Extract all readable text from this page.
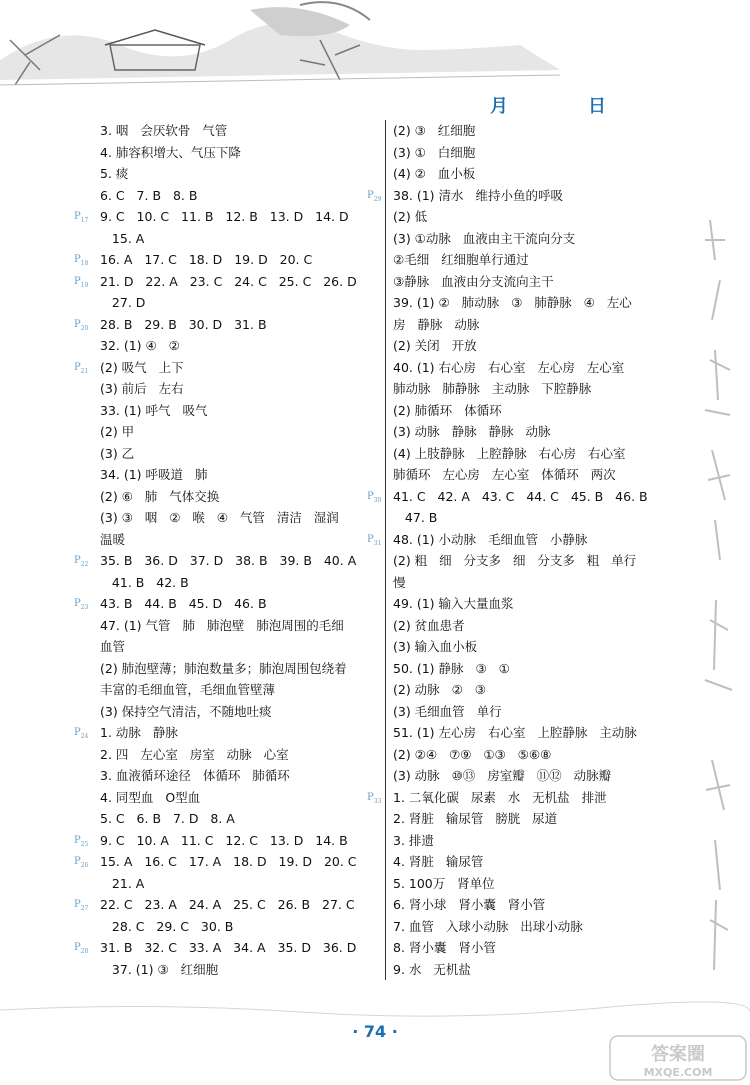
月	日
3. 咽   会厌软骨   气管
4. 肺容积增大、气压下降
5. 痰
6. C   7. B   8. B
$P_{17}$ 9. C   10. C   11. B   12. B   13. D   14. D
15. A
$P_{18}$ 16. A   17. C   18. D   19. D   20. C
$P_{19}$ 21. D   22. A   23. C   24. C   25. C   26. D
27. D
$P_{20}$ 28. B   29. B   30. D   31. B
32. (1) ④   ②
$P_{21}$ (2) 吸气   上下
(3) 前后   左右
33. (1) 呼气   吸气
(2) 甲
(3) 乙
34. (1) 呼吸道   肺
(2) ⑥   肺   气体交换
(3) ③   咽   ②   喉   ④   气管   清洁   湿润
温暖
$P_{22}$ 35. B   36. D   37. D   38. B   39. B   40. A
41. B   42. B
$P_{23}$ 43. B   44. B   45. D   46. B
47. (1) 气管   肺   肺泡壁   肺泡周围的毛细
血管
(2) 肺泡壁薄；肺泡数量多；肺泡周围包绕着
丰富的毛细血管，毛细血管壁薄
(3) 保持空气清洁，不随地吐痰
$P_{24}$ 1. 动脉   静脉
2. 四   左心室   房室   动脉   心室
3. 血液循环途径   体循环   肺循环
4. 同型血   O型血
5. C   6. B   7. D   8. A
$P_{25}$ 9. C   10. A   11. C   12. C   13. D   14. B
$P_{26}$ 15. A   16. C   17. A   18. D   19. D   20. C
21. A
$P_{27}$ 22. C   23. A   24. A   25. C   26. B   27. C
28. C   29. C   30. B
$P_{28}$ 31. B   32. C   33. A   34. A   35. D   36. D
37. (1) ③   红细胞
(2) ③   红细胞
(3) ①   白细胞
(4) ②   血小板
$P_{29}$ 38. (1) 清水   维持小鱼的呼吸
(2) 低
(3) ①动脉   血液由主干流向分支
②毛细   红细胞单行通过
③静脉   血液由分支流向主干
39. (1) ②   肺动脉   ③   肺静脉   ④   左心
房   静脉   动脉
(2) 关闭   开放
40. (1) 右心房   右心室   左心房   左心室
肺动脉   肺静脉   主动脉   下腔静脉
(2) 肺循环   体循环
(3) 动脉   静脉   静脉   动脉
(4) 上肢静脉   上腔静脉   右心房   右心室
肺循环   左心房   左心室   体循环   两次
$P_{30}$ 41. C   42. A   43. C   44. C   45. B   46. B
47. B
$P_{31}$ 48. (1) 小动脉   毛细血管   小静脉
(2) 粗   细   分支多   细   分支多   粗   单行
慢
49. (1) 输入大量血浆
(2) 贫血患者
(3) 输入血小板
50. (1) 静脉   ③   ①
(2) 动脉   ②   ③
(3) 毛细血管   单行
51. (1) 左心房   右心室   上腔静脉   主动脉
(2) ②④   ⑦⑨   ①③   ⑤⑥⑧
(3) 动脉   ⑩⑬   房室瓣   ⑪⑫   动脉瓣
$P_{33}$ 1. 二氧化碳   尿素   水   无机盐   排泄
2. 肾脏   输尿管   膀胱   尿道
3. 排遗
4. 肾脏   输尿管
5. 100万   肾单位
6. 肾小球   肾小囊   肾小管
7. 血管   入球小动脉   出球小动脉
8. 肾小囊   肾小管
9. 水   无机盐
· 74 ·
答案圈
MXQE.COM
